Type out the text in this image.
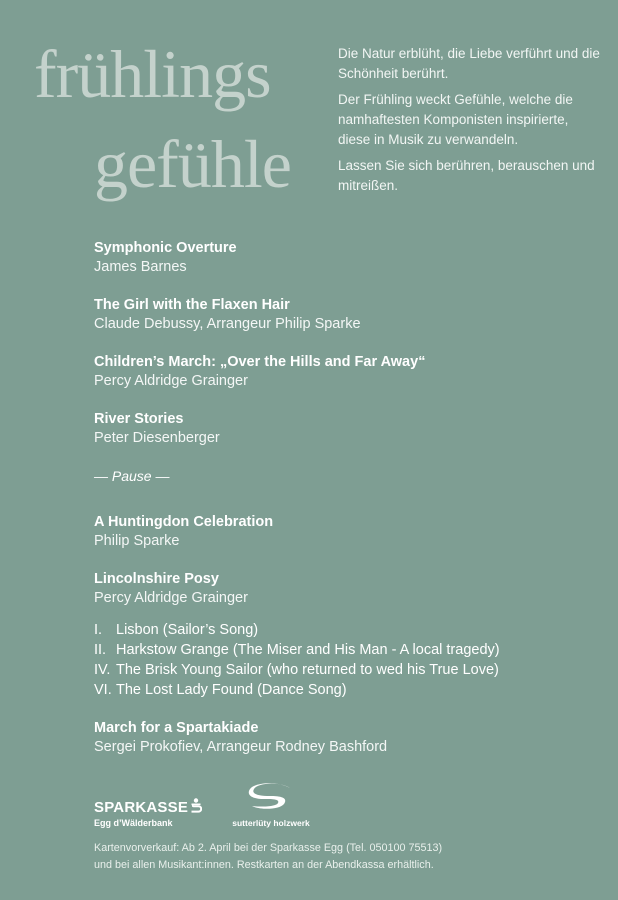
frühlings
gefühle

Die Natur erblüht, die Liebe verführt und die Schönheit berührt.

Der Frühling weckt Gefühle, welche die namhaftesten Komponisten inspirierte, diese in Musik zu verwandeln.

Lassen Sie sich berühren, berauschen und mitreißen.

Symphonic Overture
James Barnes
The Girl with the Flaxen Hair
Claude Debussy, Arrangeur Philip Sparke
Children’s March: „Over the Hills and Far Away“
Percy Aldridge Grainger
River Stories
Peter Diesenberger
— Pause —
A Huntingdon Celebration
Philip Sparke
Lincolnshire Posy
Percy Aldridge Grainger
I. Lisbon (Sailor’s Song)
II. Harkstow Grange (The Miser and His Man - A local tragedy)
IV. The Brisk Young Sailor (who returned to wed his True Love)
VI. The Lost Lady Found (Dance Song)
March for a Spartakiade
Sergei Prokofiev, Arrangeur Rodney Bashford
SPARKASSE
Egg d’Wälderbank	sutterlüty holzwerk
Kartenvorverkauf: Ab 2. April bei der Sparkasse Egg (Tel. 050100 75513)
und bei allen Musikant:innen. Restkarten an der Abendkassa erhältlich.
